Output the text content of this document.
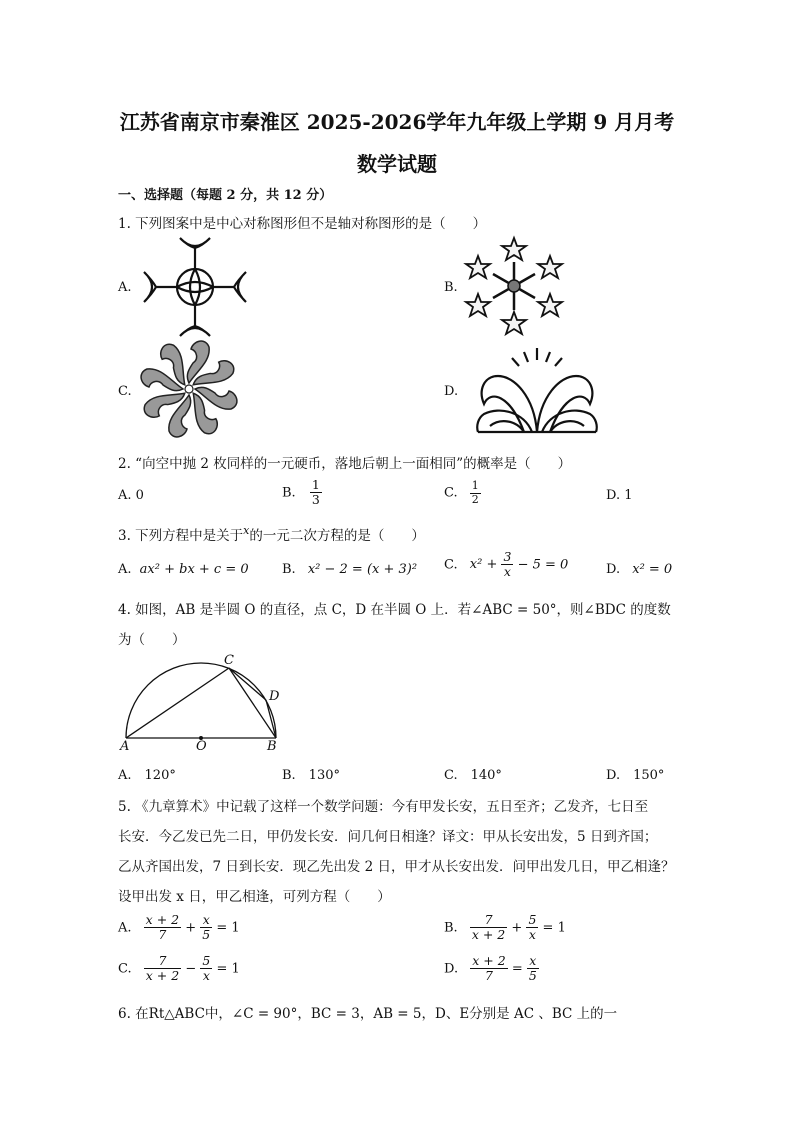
江苏省南京市秦淮区 2025-2026学年九年级上学期 9 月月考
数学试题
一、选择题（每题 2 分，共 12 分）
1. 下列图案中是中心对称图形但不是轴对称图形的是（　　）
A.	B.
C.	D.
2. “向空中抛 2 枚同样的一元硬币，落地后朝上一面相同”的概率是（　　）
A. 0	B. $\frac{1}{3}$	C. $\frac{1}{2}$	D. 1
3. 下列方程中是关于$^x$的一元二次方程的是（　　）
A. ax² + bx + c = 0	B. x² − 2 = (x + 3)² C. $x^2 + \frac{3}{x} - 5 = 0$	D. x² = 0
4. 如图，AB 是半圆 O 的直径，点 C，D 在半圆 O 上．若∠ABC = 50°，则∠BDC 的度数
为（　　）
A	O	B
C
D
A.　120°	B.　130°	C.　140°	D.　150°
5. 《九章算术》中记载了这样一个数学问题：今有甲发长安，五日至齐；乙发齐，七日至
长安．今乙发已先二日，甲仍发长安．问几何日相逢？译文：甲从长安出发，5 日到齐国；
乙从齐国出发，7 日到长安．现乙先出发 2 日，甲才从长安出发．问甲出发几日，甲乙相逢？
设甲出发 x 日，甲乙相逢，可列方程（　　）
A. $\frac{x + 2}{7} + \frac{x}{5} = 1$	B. $\frac{7}{x + 2} + \frac{5}{x} = 1$
C. $\frac{7}{x + 2} - \frac{5}{x} = 1$	D. $\frac{x + 2}{7} = \frac{x}{5}$
6. 在Rt△ABC中，∠C = 90°，BC = 3，AB = 5，D、E分别是 AC 、BC 上的一
